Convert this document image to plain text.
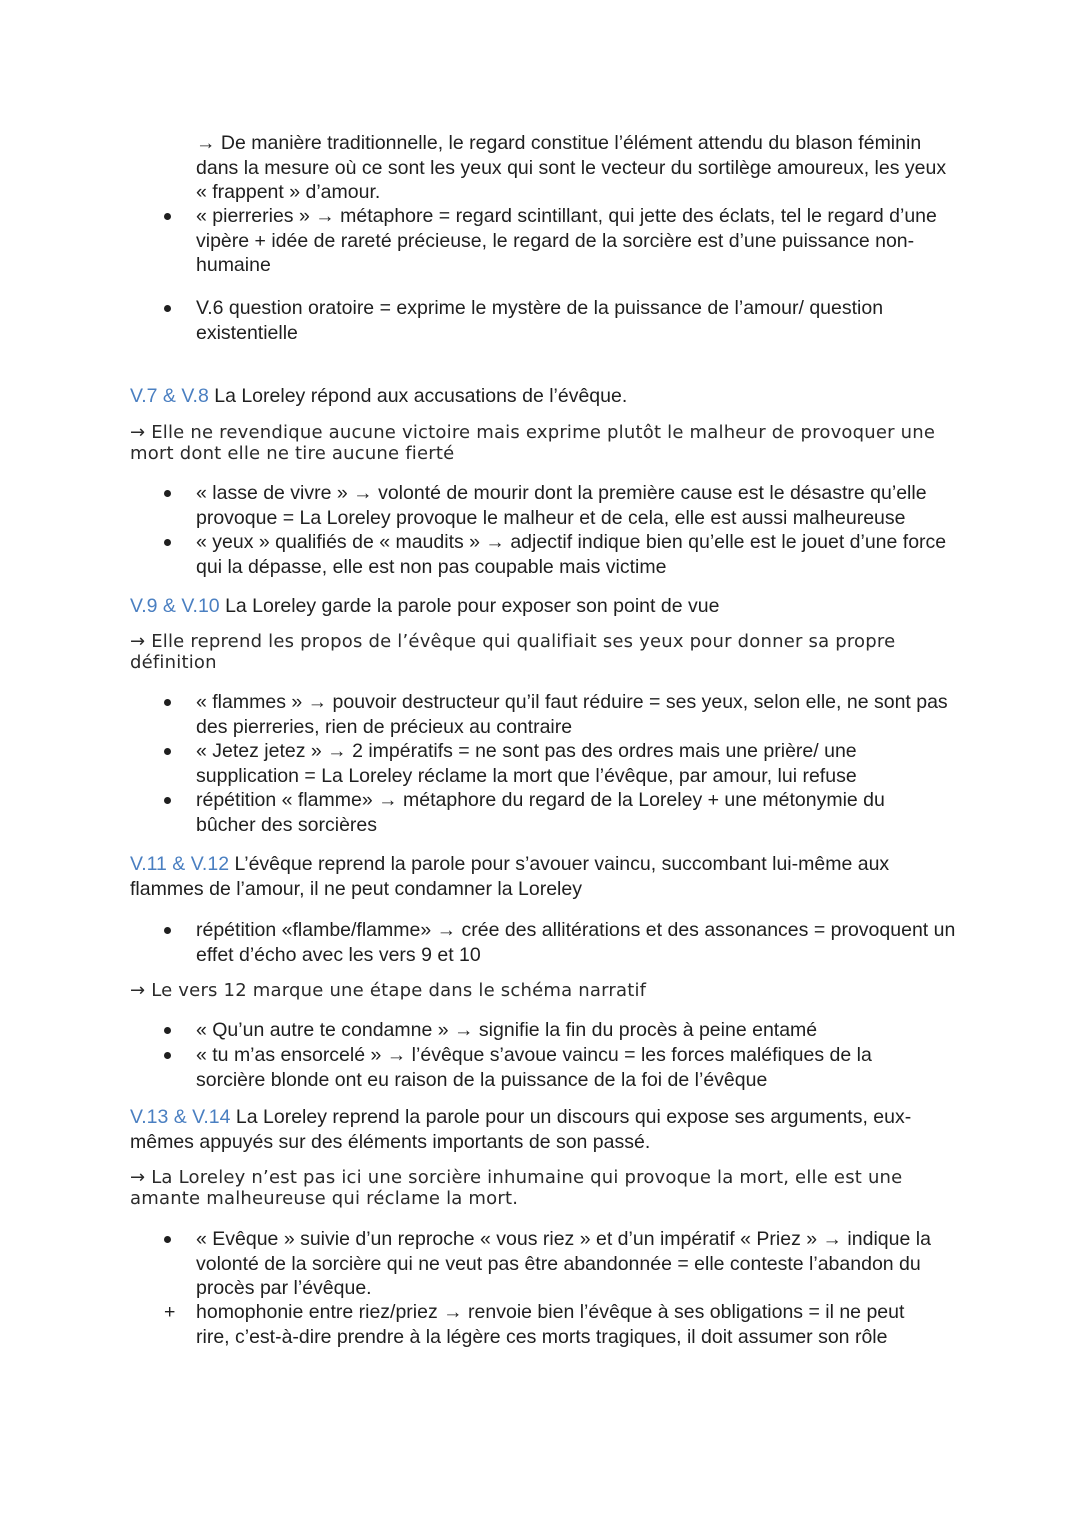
→ De manière traditionnelle, le regard constitue l’élément attendu du blason féminin dans la mesure où ce sont les yeux qui sont le vecteur du sortilège amoureux, les yeux « frappent » d’amour.
« pierreries » → métaphore = regard scintillant, qui jette des éclats, tel le regard d’une vipère + idée de rareté précieuse, le regard de la sorcière est d’une puissance non-humaine
V.6 question oratoire = exprime le mystère de la puissance de l’amour/ question existentielle
V.7 & V.8 La Loreley répond aux accusations de l’évêque.
→ Elle ne revendique aucune victoire mais exprime plutôt le malheur de provoquer une mort dont elle ne tire aucune fierté
« lasse de vivre » → volonté de mourir dont la première cause est le désastre qu’elle provoque = La Loreley provoque le malheur et de cela, elle est aussi malheureuse
« yeux » qualifiés de « maudits » → adjectif indique bien qu’elle est le jouet d’une force qui la dépasse, elle est non pas coupable mais victime
V.9 & V.10 La Loreley garde la parole pour exposer son point de vue
→ Elle reprend les propos de l’évêque qui qualifiait ses yeux pour donner sa propre définition
« flammes » → pouvoir destructeur qu’il faut réduire = ses yeux, selon elle, ne sont pas des pierreries, rien de précieux au contraire
« Jetez jetez » → 2 impératifs = ne sont pas des ordres mais une prière/ une supplication = La Loreley réclame la mort que l’évêque, par amour, lui refuse
répétition « flamme» → métaphore du regard de la Loreley + une métonymie du bûcher des sorcières
V.11 & V.12 L’évêque reprend la parole pour s’avouer vaincu, succombant lui-même aux flammes de l’amour, il ne peut condamner la Loreley
répétition «flambe/flamme» → crée des allitérations et des assonances = provoquent un effet d’écho avec les vers 9 et 10
→ Le vers 12 marque une étape dans le schéma narratif
« Qu’un autre te condamne » → signifie la fin du procès à peine entamé
« tu m’as ensorcelé » → l’évêque s’avoue vaincu = les forces maléfiques de la sorcière blonde ont eu raison de la puissance de la foi de l’évêque
V.13 & V.14 La Loreley reprend la parole pour un discours qui expose ses arguments, eux-mêmes appuyés sur des éléments importants de son passé.
→ La Loreley n’est pas ici une sorcière inhumaine qui provoque la mort, elle est une amante malheureuse qui réclame la mort.
« Evêque » suivie d’un reproche « vous riez » et d’un impératif « Priez » → indique la volonté de la sorcière qui ne veut pas être abandonnée = elle conteste l’abandon du procès par l’évêque.
+ homophonie entre riez/priez → renvoie bien l’évêque à ses obligations = il ne peut rire, c’est-à-dire prendre à la légère ces morts tragiques, il doit assumer son rôle
